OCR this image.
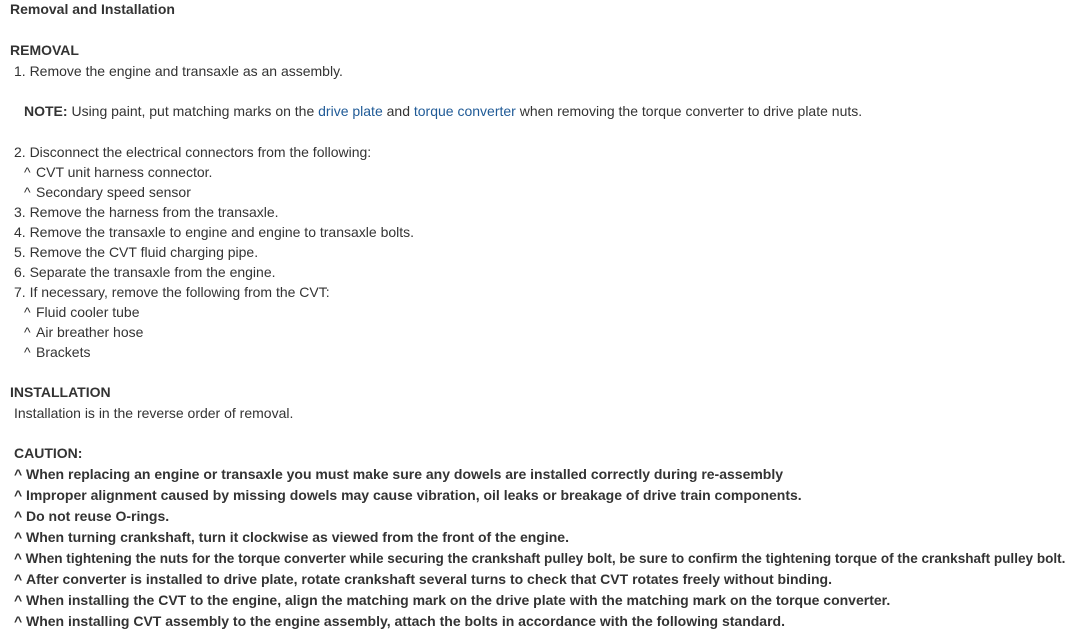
Removal and Installation
REMOVAL
1. Remove the engine and transaxle as an assembly.
NOTE: Using paint, put matching marks on the drive plate and torque converter when removing the torque converter to drive plate nuts.
2. Disconnect the electrical connectors from the following:
^ CVT unit harness connector.
^ Secondary speed sensor
3. Remove the harness from the transaxle.
4. Remove the transaxle to engine and engine to transaxle bolts.
5. Remove the CVT fluid charging pipe.
6. Separate the transaxle from the engine.
7. If necessary, remove the following from the CVT:
^ Fluid cooler tube
^ Air breather hose
^ Brackets
INSTALLATION
Installation is in the reverse order of removal.
CAUTION:
^ When replacing an engine or transaxle you must make sure any dowels are installed correctly during re-assembly
^ Improper alignment caused by missing dowels may cause vibration, oil leaks or breakage of drive train components.
^ Do not reuse O-rings.
^ When turning crankshaft, turn it clockwise as viewed from the front of the engine.
^ When tightening the nuts for the torque converter while securing the crankshaft pulley bolt, be sure to confirm the tightening torque of the crankshaft pulley bolt.
^ After converter is installed to drive plate, rotate crankshaft several turns to check that CVT rotates freely without binding.
^ When installing the CVT to the engine, align the matching mark on the drive plate with the matching mark on the torque converter.
^ When installing CVT assembly to the engine assembly, attach the bolts in accordance with the following standard.
